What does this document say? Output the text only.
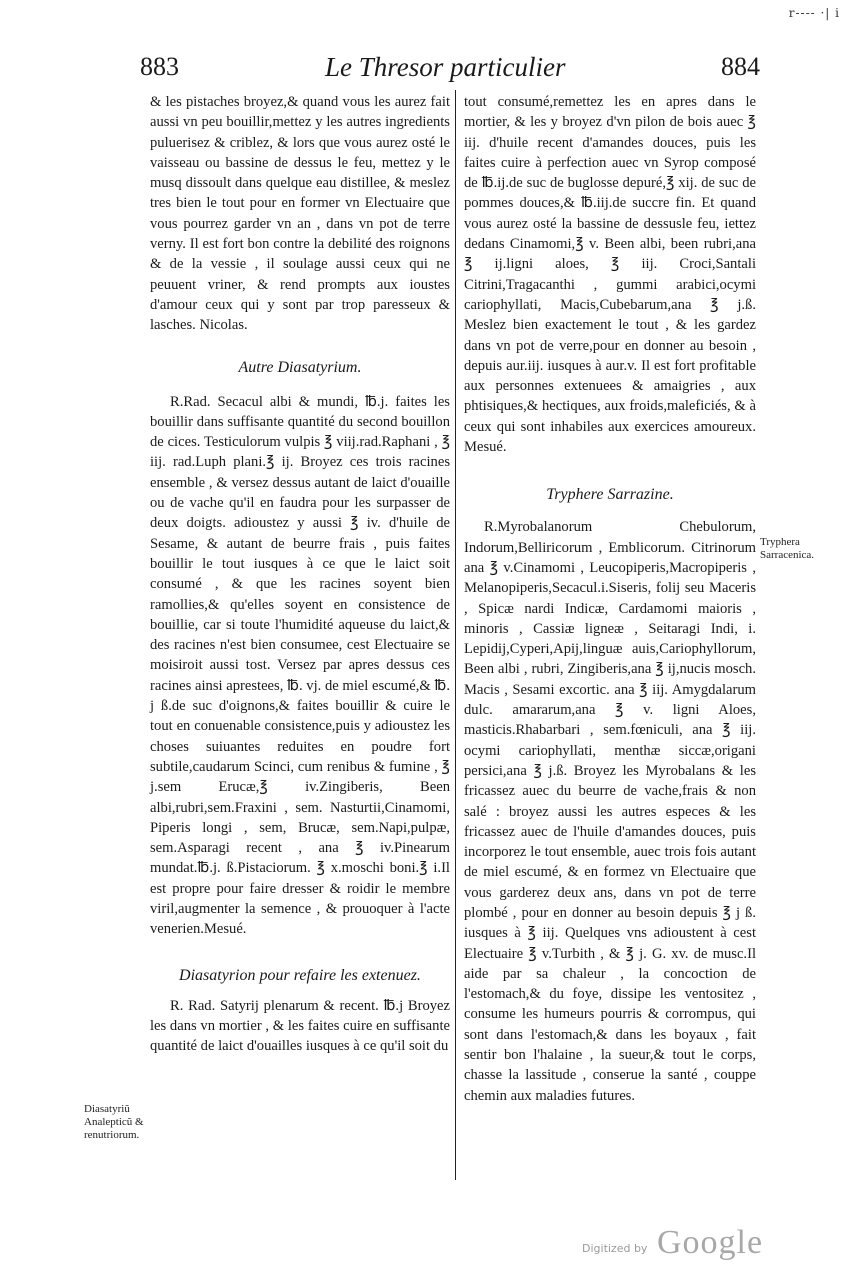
r---- ·| i
883	Le Thresor particulier	884

& les pistaches broyez,& quand vous les aurez fait aussi vn peu bouillir,mettez y les autres ingredients puluerisez & criblez, & lors que vous aurez osté le vaisseau ou bassine de dessus le feu, mettez y le musq dissoult dans quelque eau distillee, & meslez tres bien le tout pour en former vn Electuaire que vous pourrez garder vn an , dans vn pot de terre verny. Il est fort bon contre la debilité des roignons & de la vessie , il soulage aussi ceux qui ne peuuent vriner, & rend prompts aux ioustes d'amour ceux qui y sont par trop paresseux & lasches. Nicolas.

Autre Diasatyrium.

R.Rad. Secacul albi & mundi, ℔.j. faites les bouillir dans suffisante quantité du second bouillon de cices. Testiculorum vulpis ℥ viij.rad.Raphani , ℥ iij. rad.Luph plani.℥ ij. Broyez ces trois racines ensemble , & versez dessus autant de laict d'ouaille ou de vache qu'il en faudra pour les surpasser de deux doigts. adioustez y aussi ℥ iv. d'huile de Sesame, & autant de beurre frais , puis faites bouillir le tout iusques à ce que le laict soit consumé , & que les racines soyent bien ramollies,& qu'elles soyent en consistence de bouillie, car si toute l'humidité aqueuse du laict,& des racines n'est bien consumee, cest Electuaire se moisiroit aussi tost. Versez par apres dessus ces racines ainsi aprestees, ℔. vj. de miel escumé,& ℔. j ß.de suc d'oignons,& faites bouillir & cuire le tout en conuenable consistence,puis y adioustez les choses suiuantes reduites en poudre fort subtile,caudarum Scinci, cum renibus & fumine , ℥ j.sem Erucæ,℥ iv.Zingiberis, Been albi,rubri,sem.Fraxini , sem. Nasturtii,Cinamomi, Piperis longi , sem, Brucæ, sem.Napi,pulpæ, sem.Asparagi recent , ana ℥ iv.Pinearum mundat.℔.j. ß.Pistaciorum. ℥ x.moschi boni.℥ i.Il est propre pour faire dresser & roidir le membre viril,augmenter la semence , & prouoquer à l'acte venerien.Mesué.

Diasatyrion pour refaire les extenuez.

R. Rad. Satyrij plenarum & recent. ℔.j Broyez les dans vn mortier , & les faites cuire en suffisante quantité de laict d'ouailles iusques à ce qu'il soit du

tout consumé,remettez les en apres dans le mortier, & les y broyez d'vn pilon de bois auec ℥ iij. d'huile recent d'amandes douces, puis les faites cuire à perfection auec vn Syrop composé de ℔.ij.de suc de buglosse depuré,℥ xij. de suc de pommes douces,& ℔.iij.de succre fin. Et quand vous aurez osté la bassine de dessusle feu, iettez dedans Cinamomi,℥ v. Been albi, been rubri,ana ℥ ij.ligni aloes, ℥ iij. Croci,Santali Citrini,Tragacanthi , gummi arabici,ocymi cariophyllati, Macis,Cubebarum,ana ℥ j.ß. Meslez bien exactement le tout , & les gardez dans vn pot de verre,pour en donner au besoin , depuis aur.iij. iusques à aur.v. Il est fort profitable aux personnes extenuees & amaigries , aux phtisiques,& hectiques, aux froids,maleficiés, & à ceux qui sont inhabiles aux exercices amoureux. Mesué.

Tryphere Sarrazine.

R.Myrobalanorum Chebulorum, Indorum,Belliricorum , Emblicorum. Citrinorum ana ℥ v.Cinamomi , Leucopiperis,Macropiperis , Melanopiperis,Secacul.i.Siseris, folij seu Maceris , Spicæ nardi Indicæ, Cardamomi maioris , minoris , Cassiæ ligneæ , Seitaragi Indi, i. Lepidij,Cyperi,Apij,linguæ auis,Cariophyllorum, Been albi , rubri, Zingiberis,ana ℥ ij,nucis mosch. Macis , Sesami excortic. ana ℥ iij. Amygdalarum dulc. amararum,ana ℥ v. ligni Aloes, masticis.Rhabarbari , sem.fœniculi, ana ℥ iij. ocymi cariophyllati, menthæ siccæ,origani persici,ana ℥ j.ß. Broyez les Myrobalans & les fricassez auec du beurre de vache,frais & non salé : broyez aussi les autres especes & les fricassez auec de l'huile d'amandes douces, puis incorporez le tout ensemble, auec trois fois autant de miel escumé, & en formez vn Electuaire que vous garderez deux ans, dans vn pot de terre plombé , pour en donner au besoin depuis ℥ j ß. iusques à ℥ iij. Quelques vns adioustent à cest Electuaire ℥ v.Turbith , & ℥ j. G. xv. de musc.Il aide par sa chaleur , la concoction de l'estomach,& du foye, dissipe les ventositez , consume les humeurs pourris & corrompus, qui sont dans l'estomach,& dans les boyaux , fait sentir bon l'halaine , la sueur,& tout le corps, chasse la lassitude , conserue la santé , couppe chemin aux maladies futures.

Diasatyriũ Analepticũ & renutriorum.
Tryphera Sarracenica.
Digitized by Google
